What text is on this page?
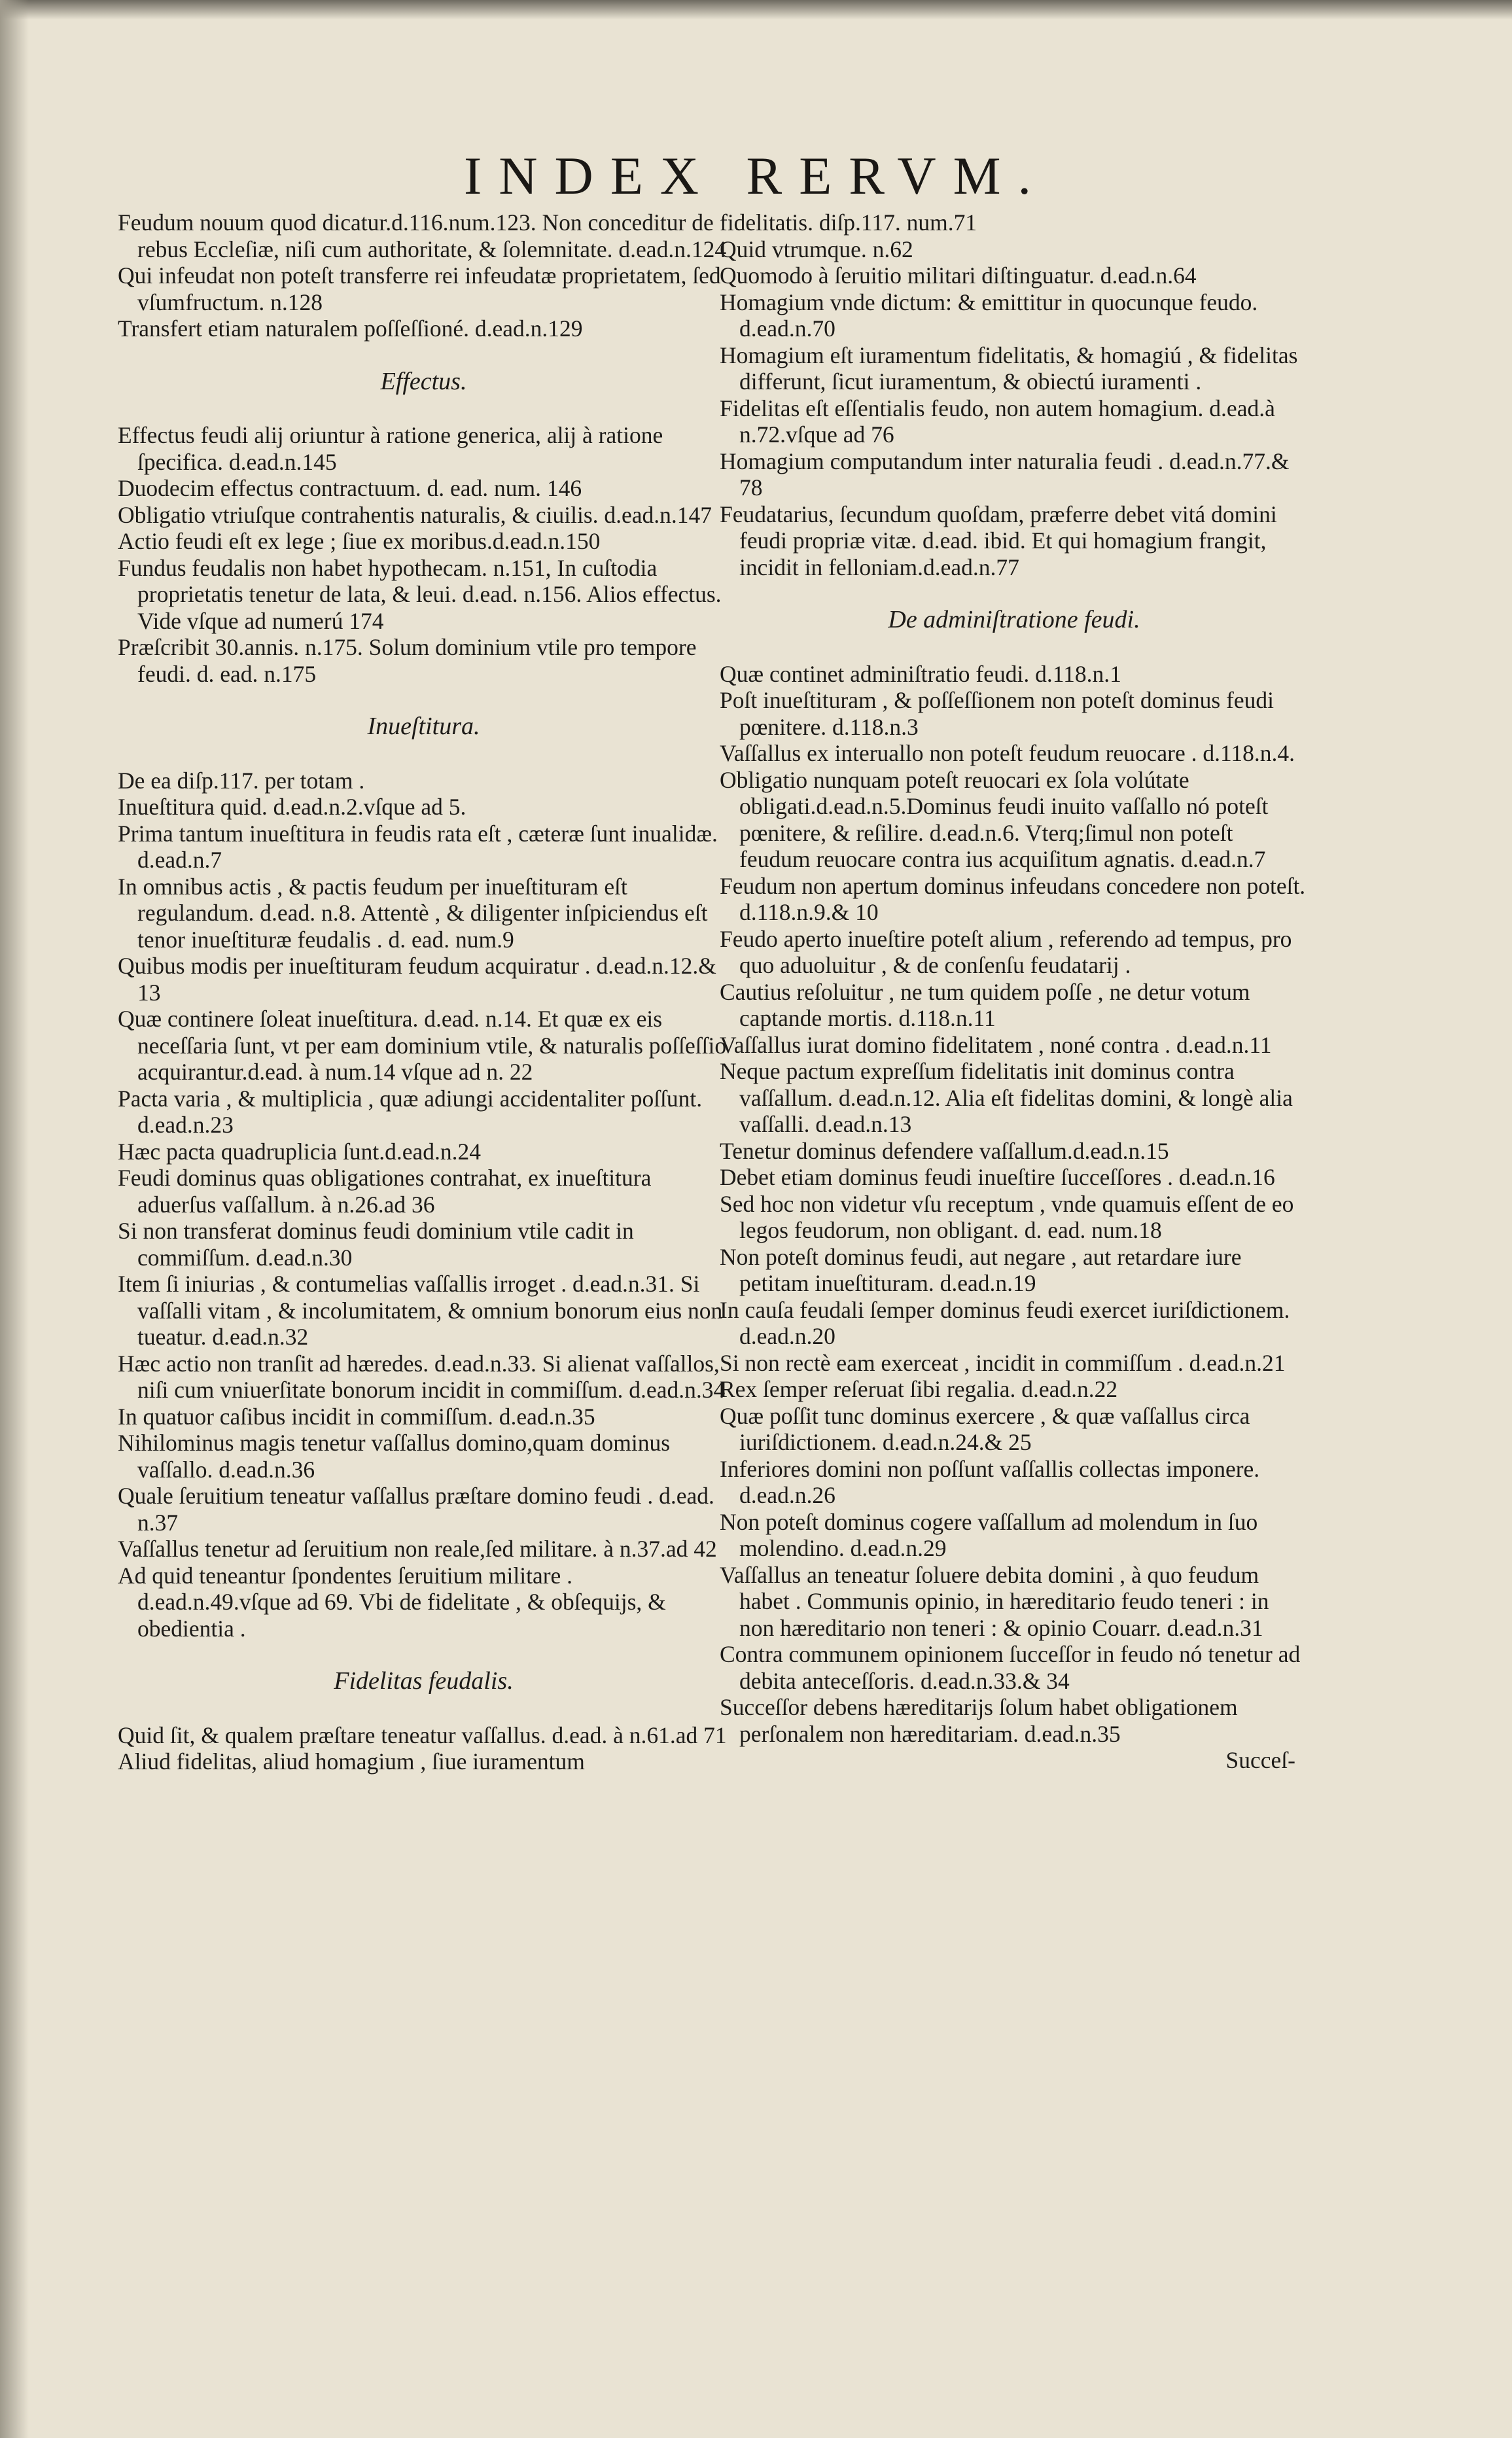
INDEX RERVM.

Feudum nouum quod dicatur.d.116.num.123. Non conceditur de rebus Eccleſiæ, niſi cum authoritate, & ſolemnitate. d.ead.n.124

Qui infeudat non poteſt transferre rei infeudatæ proprietatem, ſed vſumfructum. n.128

Transfert etiam naturalem poſſeſſioné. d.ead.n.129

Effectus.

Effectus feudi alij oriuntur à ratione generica, alij à ratione ſpecifica. d.ead.n.145

Duodecim effectus contractuum. d. ead. num. 146

Obligatio vtriuſque contrahentis naturalis, & ciuilis. d.ead.n.147

Actio feudi eſt ex lege ; ſiue ex moribus.d.ead.n.150

Fundus feudalis non habet hypothecam. n.151, In cuſtodia proprietatis tenetur de lata, & leui. d.ead. n.156. Alios effectus. Vide vſque ad numerú 174

Præſcribit 30.annis. n.175. Solum dominium vtile pro tempore feudi. d. ead. n.175

Inueſtitura.

De ea diſp.117. per totam .

Inueſtitura quid. d.ead.n.2.vſque ad 5.

Prima tantum inueſtitura in feudis rata eſt , cæteræ ſunt inualidæ. d.ead.n.7

In omnibus actis , & pactis feudum per inueſtituram eſt regulandum. d.ead. n.8. Attentè , & diligenter inſpiciendus eſt tenor inueſtituræ feudalis . d. ead. num.9

Quibus modis per inueſtituram feudum acquiratur . d.ead.n.12.& 13

Quæ continere ſoleat inueſtitura. d.ead. n.14. Et quæ ex eis neceſſaria ſunt, vt per eam dominium vtile, & naturalis poſſeſſio acquirantur.d.ead. à num.14 vſque ad n. 22

Pacta varia , & multiplicia , quæ adiungi accidentaliter poſſunt. d.ead.n.23

Hæc pacta quadruplicia ſunt.d.ead.n.24

Feudi dominus quas obligationes contrahat, ex inueſtitura aduerſus vaſſallum. à n.26.ad 36

Si non transferat dominus feudi dominium vtile cadit in commiſſum. d.ead.n.30

Item ſi iniurias , & contumelias vaſſallis irroget . d.ead.n.31. Si vaſſalli vitam , & incolumitatem, & omnium bonorum eius non tueatur. d.ead.n.32

Hæc actio non tranſit ad hæredes. d.ead.n.33. Si alienat vaſſallos, niſi cum vniuerſitate bonorum incidit in commiſſum. d.ead.n.34

In quatuor caſibus incidit in commiſſum. d.ead.n.35

Nihilominus magis tenetur vaſſallus domino,quam dominus vaſſallo. d.ead.n.36

Quale ſeruitium teneatur vaſſallus præſtare domino feudi . d.ead. n.37

Vaſſallus tenetur ad ſeruitium non reale,ſed militare. à n.37.ad 42

Ad quid teneantur ſpondentes ſeruitium militare . d.ead.n.49.vſque ad 69. Vbi de fidelitate , & obſequijs, & obedientia .

Fidelitas feudalis.

Quid ſit, & qualem præſtare teneatur vaſſallus. d.ead. à n.61.ad 71

Aliud fidelitas, aliud homagium , ſiue iuramentum

fidelitatis. diſp.117. num.71

Quid vtrumque. n.62

Quomodo à ſeruitio militari diſtinguatur. d.ead.n.64

Homagium vnde dictum: & emittitur in quocunque feudo. d.ead.n.70

Homagium eſt iuramentum fidelitatis, & homagiú , & fidelitas differunt, ſicut iuramentum, & obiectú iuramenti .

Fidelitas eſt eſſentialis feudo, non autem homagium. d.ead.à n.72.vſque ad 76

Homagium computandum inter naturalia feudi . d.ead.n.77.& 78

Feudatarius, ſecundum quoſdam, præferre debet vitá domini feudi propriæ vitæ. d.ead. ibid. Et qui homagium frangit, incidit in felloniam.d.ead.n.77

De adminiſtratione feudi.

Quæ continet adminiſtratio feudi. d.118.n.1

Poſt inueſtituram , & poſſeſſionem non poteſt dominus feudi pœnitere. d.118.n.3

Vaſſallus ex interuallo non poteſt feudum reuocare . d.118.n.4.

Obligatio nunquam poteſt reuocari ex ſola volútate obligati.d.ead.n.5.Dominus feudi inuito vaſſallo nó poteſt pœnitere, & reſilire. d.ead.n.6. Vterq;ſimul non poteſt feudum reuocare contra ius acquiſitum agnatis. d.ead.n.7

Feudum non apertum dominus infeudans concedere non poteſt. d.118.n.9.& 10

Feudo aperto inueſtire poteſt alium , referendo ad tempus, pro quo aduoluitur , & de conſenſu feudatarij .

Cautius reſoluitur , ne tum quidem poſſe , ne detur votum captande mortis. d.118.n.11

Vaſſallus iurat domino fidelitatem , noné contra . d.ead.n.11

Neque pactum expreſſum fidelitatis init dominus contra vaſſallum. d.ead.n.12. Alia eſt fidelitas domini, & longè alia vaſſalli. d.ead.n.13

Tenetur dominus defendere vaſſallum.d.ead.n.15

Debet etiam dominus feudi inueſtire ſucceſſores . d.ead.n.16

Sed hoc non videtur vſu receptum , vnde quamuis eſſent de eo legos feudorum, non obligant. d. ead. num.18

Non poteſt dominus feudi, aut negare , aut retardare iure petitam inueſtituram. d.ead.n.19

In cauſa feudali ſemper dominus feudi exercet iuriſdictionem. d.ead.n.20

Si non rectè eam exerceat , incidit in commiſſum . d.ead.n.21

Rex ſemper reſeruat ſibi regalia. d.ead.n.22

Quæ poſſit tunc dominus exercere , & quæ vaſſallus circa iuriſdictionem. d.ead.n.24.& 25

Inferiores domini non poſſunt vaſſallis collectas imponere. d.ead.n.26

Non poteſt dominus cogere vaſſallum ad molendum in ſuo molendino. d.ead.n.29

Vaſſallus an teneatur ſoluere debita domini , à quo feudum habet . Communis opinio, in hæreditario feudo teneri : in non hæreditario non teneri : & opinio Couarr. d.ead.n.31

Contra communem opinionem ſucceſſor in feudo nó tenetur ad debita anteceſſoris. d.ead.n.33.& 34

Succeſſor debens hæreditarijs ſolum habet obligationem perſonalem non hæreditariam. d.ead.n.35

Succeſ-
